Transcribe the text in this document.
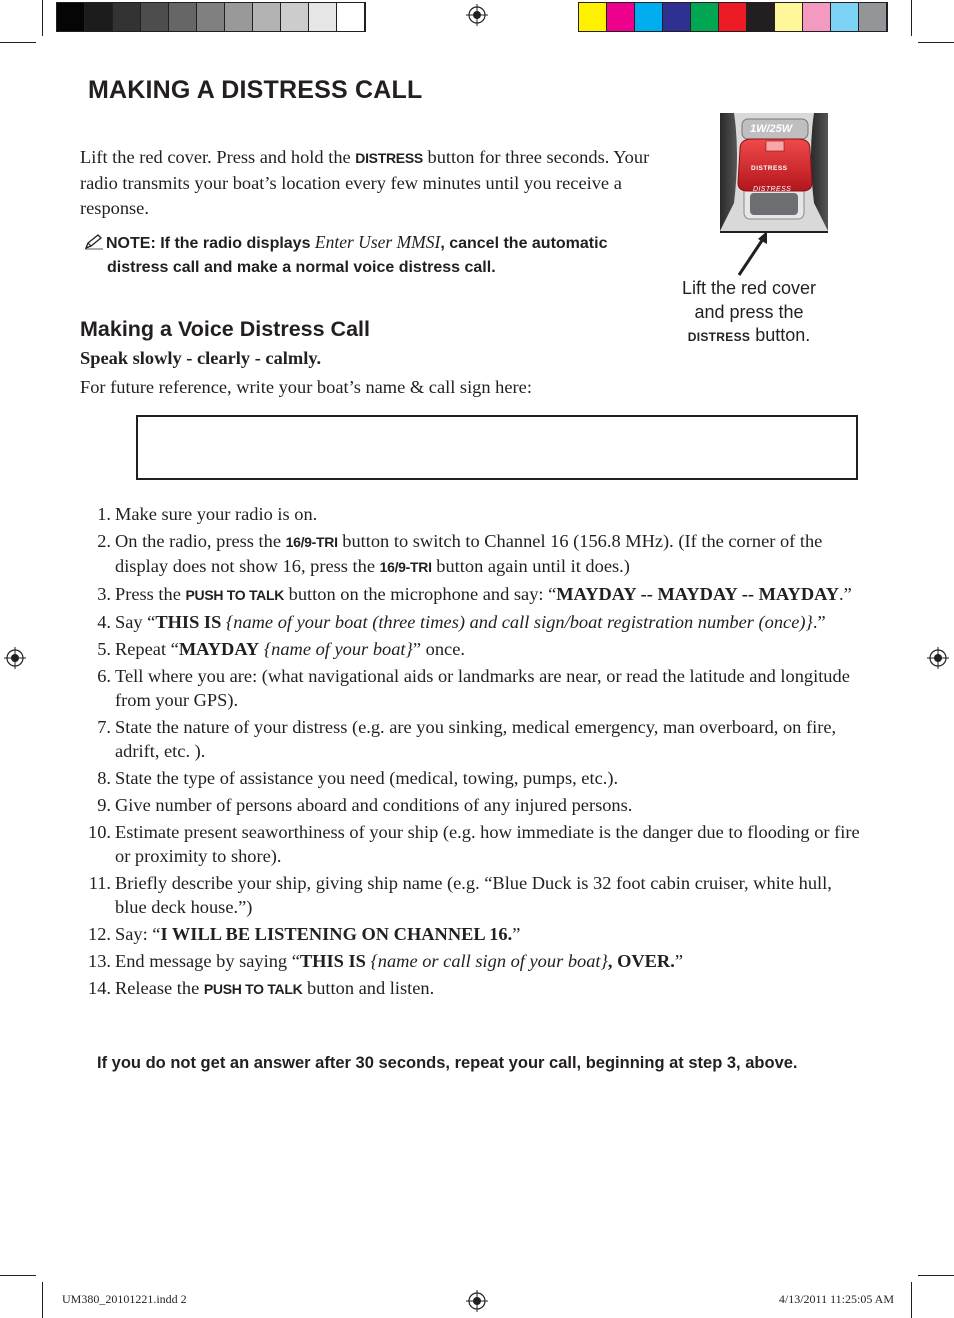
MAKING A DISTRESS CALL
Lift the red cover. Press and hold the DISTRESS button for three seconds. Your radio transmits your boat’s location every few minutes until you receive a response.
NOTE: If the radio displays Enter User MMSI, cancel the automatic
distress call and make a normal voice distress call.
1W/25W
DISTRESS
DISTRESS
Lift the red cover
and press the
DISTRESS button.
Making a Voice Distress Call
Speak slowly - clearly - calmly.
For future reference, write your boat’s name & call sign here:
1. Make sure your radio is on.
2. On the radio, press the 16/9-TRI button to switch to Channel 16 (156.8 MHz). (If the corner of the display does not show 16, press the 16/9-TRI button again until it does.)
3. Press the PUSH TO TALK button on the microphone and say: “MAYDAY -- MAYDAY -- MAYDAY.”
4. Say “THIS IS {name of your boat (three times) and call sign/boat registration number (once)}.”
5. Repeat “MAYDAY {name of your boat}” once.
6. Tell where you are: (what navigational aids or landmarks are near, or read the latitude and longitude from your GPS).
7. State the nature of your distress (e.g. are you sinking, medical emergency, man overboard, on fire, adrift, etc. ).
8. State the type of assistance you need (medical, towing, pumps, etc.).
9. Give number of persons aboard and conditions of any injured persons.
10. Estimate present seaworthiness of your ship (e.g. how immediate is the danger due to flooding or fire or proximity to shore).
11. Briefly describe your ship, giving ship name (e.g. “Blue Duck is 32 foot cabin cruiser, white hull, blue deck house.”)
12. Say: “I WILL BE LISTENING ON CHANNEL 16.”
13. End message by saying “THIS IS {name or call sign of your boat}, OVER.”
14. Release the PUSH TO TALK button and listen.
If you do not get an answer after 30 seconds, repeat your call, beginning at step 3, above.
UM380_20101221.indd 2	4/13/2011 11:25:05 AM
